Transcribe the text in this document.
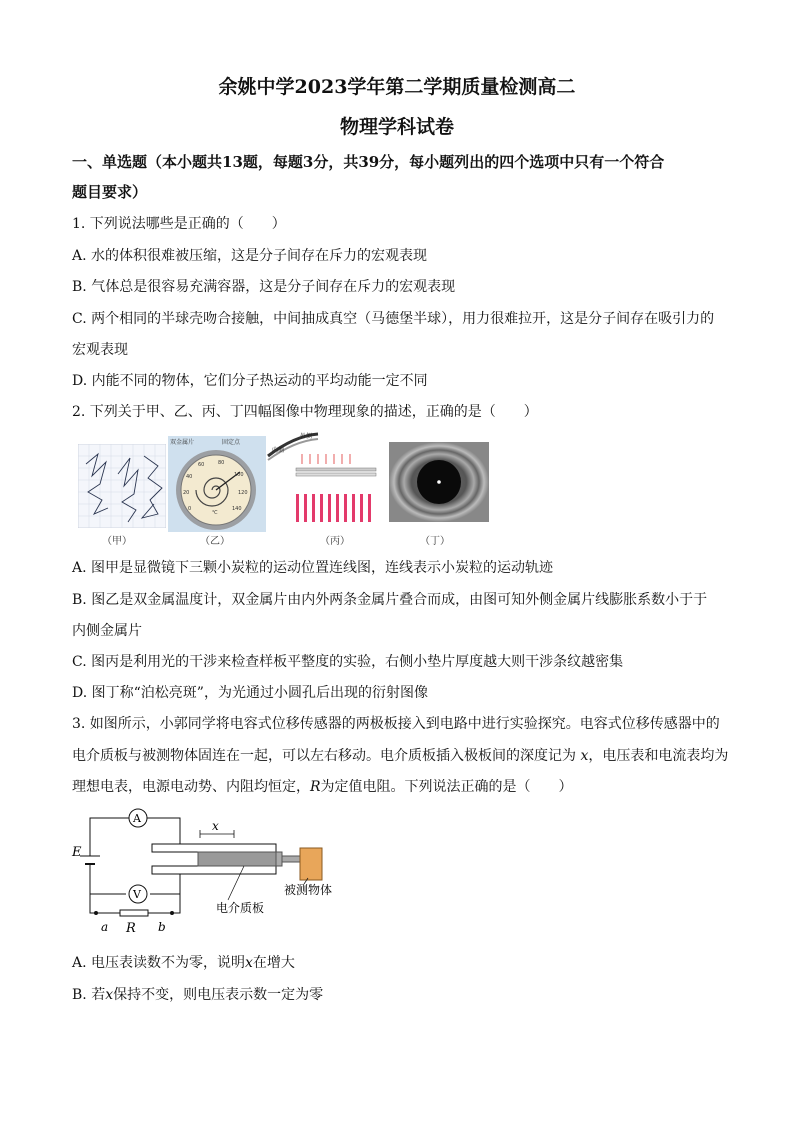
余姚中学2023学年第二学期质量检测高二
物理学科试卷
一、单选题（本小题共13题，每题3分，共39分，每小题列出的四个选项中只有一个符合
题目要求）
1. 下列说法哪些是正确的（　　）
A. 水的体积很难被压缩，这是分子间存在斥力的宏观表现
B. 气体总是很容易充满容器，这是分子间存在斥力的宏观表现
C. 两个相同的半球壳吻合接触，中间抽成真空（马德堡半球），用力很难拉开，这是分子间存在吸引力的
宏观表现
D. 内能不同的物体，它们分子热运动的平均动能一定不同
2. 下列关于甲、乙、丙、丁四幅图像中物理现象的描述，正确的是（　　）
（甲）
0
20
40
60	80
100
120
140
℃
双金属片	固定点
（乙）
外侧
内侧
（丙）	（丁）
A. 图甲是显微镜下三颗小炭粒的运动位置连线图，连线表示小炭粒的运动轨迹
B. 图乙是双金属温度计，双金属片由内外两条金属片叠合而成，由图可知外侧金属片线膨胀系数小于于
内侧金属片
C. 图丙是利用光的干涉来检查样板平整度的实验，右侧小垫片厚度越大则干涉条纹越密集
D. 图丁称“泊松亮斑”，为光通过小圆孔后出现的衍射图像
3. 如图所示，小郭同学将电容式位移传感器的两极板接入到电路中进行实验探究。电容式位移传感器中的
电介质板与被测物体固连在一起，可以左右移动。电介质板插入极板间的深度记为 x，电压表和电流表均为
理想电表，电源电动势、内阻均恒定，R为定值电阻。下列说法正确的是（　　）
A
V
E
a R b
x
被测物体
电介质板
A. 电压表读数不为零，说明x在增大
B. 若x保持不变，则电压表示数一定为零
